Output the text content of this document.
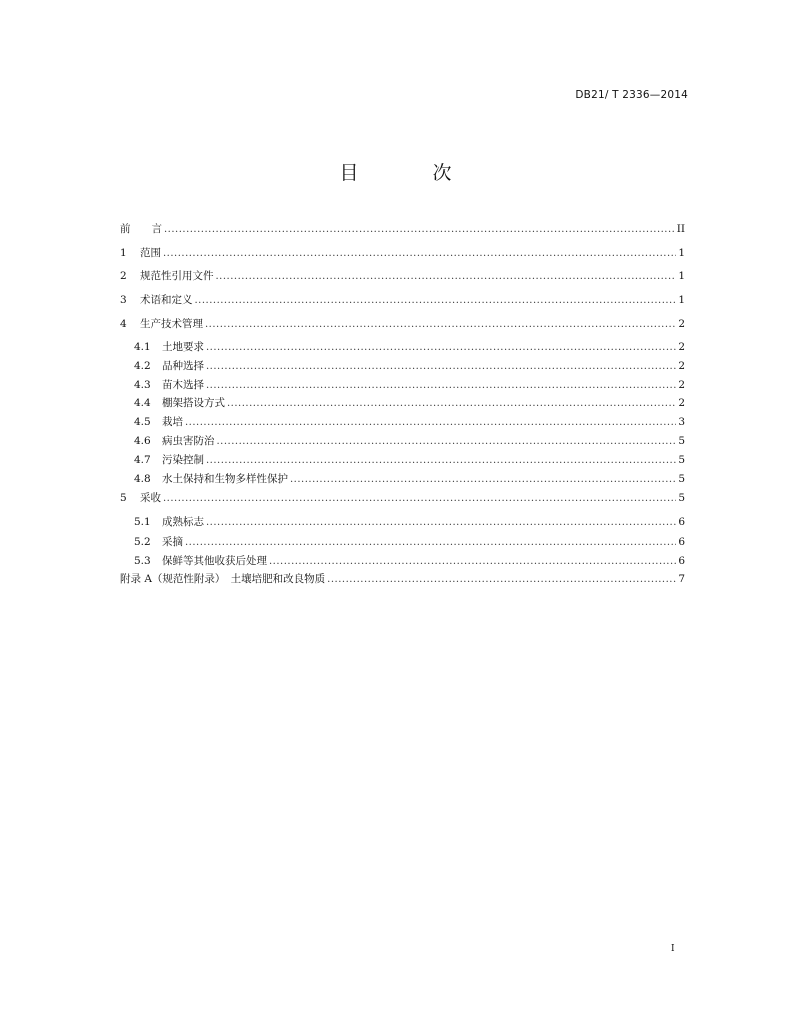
DB21/ T 2336—2014
目 次
前　　言 .....	II
1	范围 .....	1
2	规范性引用文件 .....	1
3	术语和定义 .....	1
4	生产技术管理 .....	2
4.1	土地要求 .....	2
4.2	品种选择 .....	2
4.3	苗木选择 .....	2
4.4	棚架搭设方式 .....	2
4.5	栽培 .....	3
4.6	病虫害防治 .....	5
4.7	污染控制 .....	5
4.8	水土保持和生物多样性保护 .....	5
5	采收 .....	5
5.1	成熟标志 .....	6
5.2	采摘 .....	6
5.3	保鲜等其他收获后处理 .....	6
附录 A（规范性附录）　土壤培肥和改良物质 .....	7
I
